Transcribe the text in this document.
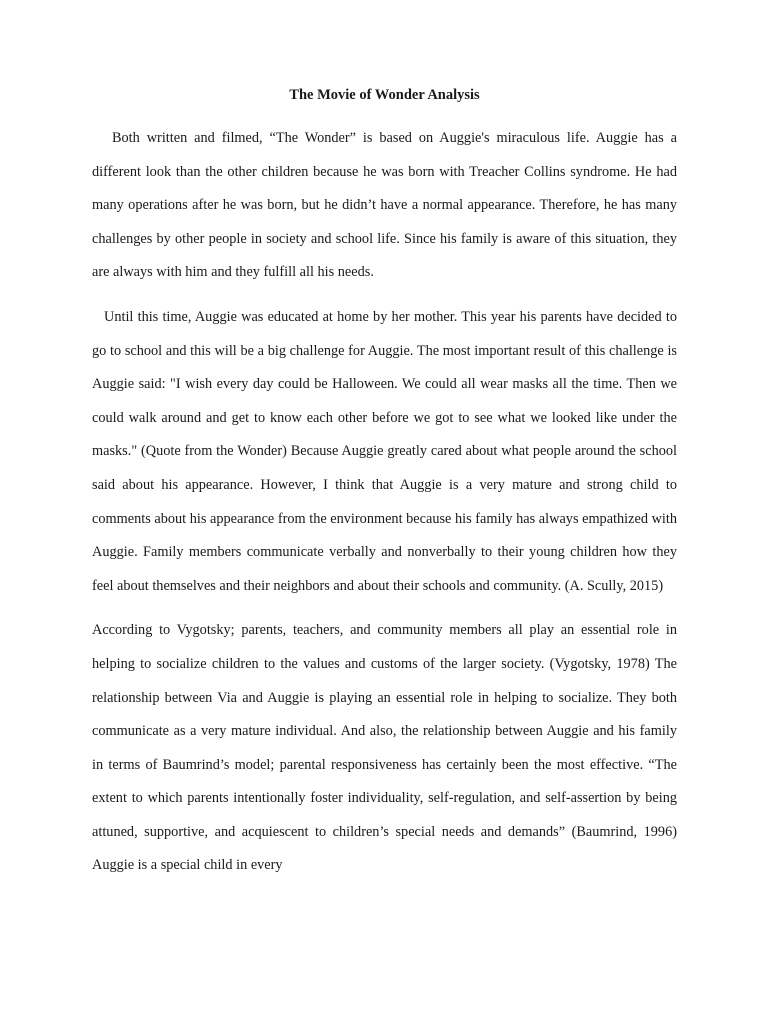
The Movie of Wonder Analysis

Both written and filmed, “The Wonder” is based on Auggie's miraculous life. Auggie has a different look than the other children because he was born with Treacher Collins syndrome. He had many operations after he was born, but he didn’t have a normal appearance. Therefore, he has many challenges by other people in society and school life. Since his family is aware of this situation, they are always with him and they fulfill all his needs.

Until this time, Auggie was educated at home by her mother. This year his parents have decided to go to school and this will be a big challenge for Auggie. The most important result of this challenge is Auggie said: "I wish every day could be Halloween. We could all wear masks all the time. Then we could walk around and get to know each other before we got to see what we looked like under the masks." (Quote from the Wonder) Because Auggie greatly cared about what people around the school said about his appearance. However, I think that Auggie is a very mature and strong child to comments about his appearance from the environment because his family has always empathized with Auggie. Family members communicate verbally and nonverbally to their young children how they feel about themselves and their neighbors and about their schools and community. (A. Scully, 2015)

According to Vygotsky; parents, teachers, and community members all play an essential role in helping to socialize children to the values and customs of the larger society. (Vygotsky, 1978) The relationship between Via and Auggie is playing an essential role in helping to socialize. They both communicate as a very mature individual. And also, the relationship between Auggie and his family in terms of Baumrind’s model; parental responsiveness has certainly been the most effective. “The extent to which parents intentionally foster individuality, self-regulation, and self-assertion by being attuned, supportive, and acquiescent to children’s special needs and demands” (Baumrind, 1996) Auggie is a special child in every
